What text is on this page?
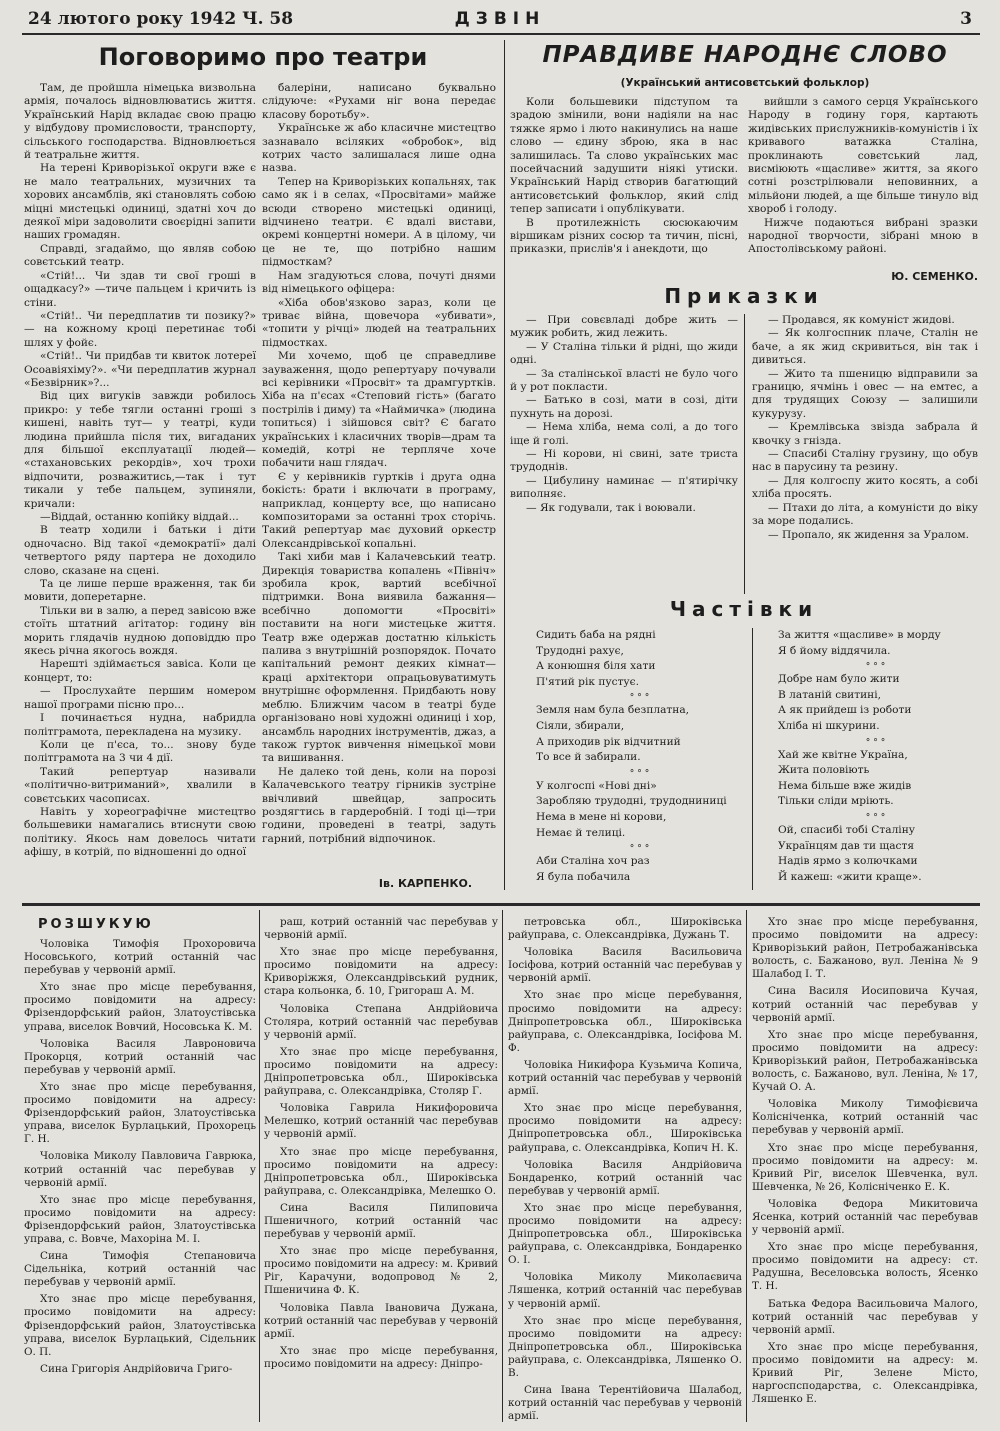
24 лютого року 1942 Ч. 58	ДЗВІН	3
Поговоримо про театри

Там, де пройшла німецька визвольна армія, почалось відновлюватись життя. Український Нарід вкладає свою працю у відбудову промисловости, транспорту, сільського господарства. Відновлюється й театральне життя.

На терені Криворізької округи вже є не мало театральних, музичних та хорових ансамблів, які становлять собою міцні мистецькі одиниці, здатні хоч до деякої міри задоволити своєрідні запити наших громадян.

Справді, згадаймо, що являв собою совєтський театр.

«Стій!... Чи здав ти свої гроші в ощадкасу?» —тиче пальцем і кричить із стіни.

«Стій!.. Чи передплатив ти позику?» — на кожному кроці перетинає тобі шлях у фойє.

«Стій!.. Чи придбав ти квиток лотереї Осоавіяхіму?». «Чи передплатив журнал «Безвірник»?...

Від цих вигуків завжди робилось прикро: у тебе тягли останні гроші з кишені, навіть тут— у театрі, куди людина прийшла після тих, вигаданих для більшої експлуатації людей— «стахановських рекордів», хоч трохи відпочити, розважитись,—так і тут тикали у тебе пальцем, зупиняли, кричали:

—Віддай, останню копійку віддай...

В театр ходили і батьки і діти одночасно. Від такої «демократії» далі четвертого ряду партера не доходило слово, сказане на сцені.

Та це лише перше враження, так би мовити, доперетарне.

Тільки ви в залю, а перед завісою вже стоїть штатний агітатор: годину він морить глядачів нудною доповіддю про якесь річна якогось вождя.

Нарешті здіймається завіса. Коли це концерт, то:

— Прослухайте першим номером нашої програми пісню про...

І починається нудна, набридла політграмота, перекладена на музику.

Коли це п'єса, то... знову буде політграмота на 3 чи 4 дії.

Такий репертуар називали «політично-витриманий», хвалили в совєтських часописах.

Навіть у хореографічне мистецтво большевики намагались втиснути свою політику. Якось нам довелось читати афішу, в котрій, по відношенні до одної

балеріни, написано буквально слідуюче: «Рухами ніг вона передає класову боротьбу».

Українське ж або класичне мистецтво зазнавало всіляких «обробок», від котрих часто залишалася лише одна назва.

Тепер на Криворізьких копальнях, так само як і в селах, «Просвітами» майже всюди створено мистецькі одиниці, відчинено театри. Є вдалі вистави, окремі концертні номери. А в цілому, чи це не те, що потрібно нашим підмосткам?

Нам згадуються слова, почуті днями від німецького офіцера:

«Хіба обов'язково зараз, коли це триває війна, щовечора «убивати», «топити у річці» людей на театральних підмостках.

Ми хочемо, щоб це справедливе зауваження, щодо репертуару почували всі керівники «Просвіт» та драмгуртків. Хіба на п'єсах «Степовий гість» (багато пострілів і диму) та «Наймичка» (людина топиться) і зійшовся світ? Є багато українських і класичних творів—драм та комедій, котрі не терпляче хоче побачити наш глядач.

Є у керівників гуртків і друга одна бокість: брати і включати в програму, наприклад, концерту все, що написано композиторами за останні трох сторічь. Такий репертуар має духовий оркестр Олександрівської копальні.

Такі хиби мав і Калачевський театр. Дирекція товариства копалень «Північ» зробила крок, вартий всебічної підтримки. Вона виявила бажання—всебічно допомогти «Просвіті» поставити на ноги мистецьке життя. Театр вже одержав достатню кількість палива з внутрішній розпорядок. Почато капітальний ремонт деяких кімнат—краці архітектори опрацьовуватимуть внутрішнє оформлення. Придбають нову меблю. Ближчим часом в театрі буде організовано нові художні одиниці і хор, ансамбль народних інструментів, джаз, а також гурток вивчення німецької мови та вишивання.

Не далеко той день, коли на порозі Калачевського театру гірників зустріне ввічливий швейцар, запросить роздягтись в гардеробній. І тоді ці—три години, проведені в театрі, задуть гарний, потрібний відпочинок.

Ів. КАРПЕНКО.
ПРАВДИВЕ НАРОДНЄ СЛОВО
(Український антисовєтський фольклор)

Коли большевики підступом та зрадою змінили, вони надіяли на нас тяжке ярмо і люто накинулись на наше слово — єдину зброю, яка в нас залишилась. Та слово українських мас посейчасний задушити ніякі утиски. Український Нарід створив багатющий антисовєтський фольклор, який слід тепер записати і опублікувати.

В протилежність сюсюкаючим віршикам різних сосюр та тичин, пісні, приказки, прислів'я і анекдоти, що

вийшли з самого серця Українського Народу в годину горя, картають жидівських прислужників-комуністів і їх кривавого ватажка Сталіна, проклинають совєтський лад, висміюють «щасливе» життя, за якого сотні розстрілювали неповинних, а мільйони людей, а ще більше тинуло від хвороб і голоду.

Нижче подаються вибрані зразки народної творчости, зібрані мною в Апостолівському районі.

Ю. СЕМЕНКО.
Приказки

— При совєвладі добре жить — мужик робить, жид лежить.

— У Сталіна тільки й рідні, що жиди одні.

— За сталінської власті не було чого й у рот покласти.

— Батько в созі, мати в созі, діти пухнуть на дорозі.

— Нема хліба, нема солі, а до того іще й голі.

— Ні корови, ні свині, зате триста трудоднів.

— Цибулину наминає — п'ятирічку виполняє.

— Як годували, так і воювали.

— Продався, як комуніст жидові.

— Як колгоспник плаче, Сталін не бачe, а як жид скривиться, він так і дивиться.

— Жито та пшеницю відправили за границю, ячмінь і овес — на емтес, а для трудящих Союзу — залишили кукурузу.

— Кремлівська звізда забрала й квочку з гнізда.

— Спасибі Сталіну грузину, що обув нас в парусину та резину.

— Для колгоспу жито косять, а собі хліба просять.

— Птахи до літа, а комуністи до віку за море подались.

— Пропало, як жидення за Уралом.

Частівки

Сидить баба на рядні

Трудодні рахує,

А конюшня біля хати

П'ятий рік пустує.

°°°

Земля нам була безплатна,

Сіяли, збирали,

А приходив рік відчитний

То все й забирали.

°°°

У колгоспі «Нові дні»

Заробляю трудодні, трудодниниці

Нема в мене ні корови,

Немає й телиці.

°°°

Аби Сталіна хоч раз

Я була побачила

За життя «щасливе» в мордy

Я б йому віддячила.

°°°

Добре нам було жити

В латаній свитині,

А як прийдеш із роботи

Хліба ні шкурини.

°°°

Хай же квітне Україна,

Жита половіють

Нема більше вже жидів

Тільки сліди мріють.

°°°

Ой, спасибі тобі Сталіну

Українцям дав ти щастя

Надів ярмо з колючками

Й кажеш: «жити краще».

РОЗШУКУЮ

Чоловіка Тимофія Прохоровича Носовського, котрий останній час перебував у червоній армії.

Хто знає про місце перебування, просимо повідомити на адресу: Фрізендорфський район, Златоустівська управа, виселок Вовчий, Носовська К. М.

Чоловіка Василя Лавроновича Прокорця, котрий останній час перебував у червоній армії.

Хто знає про місце перебування, просимо повідомити на адресу: Фрізендорфський район, Златоустівська управа, виселок Бурлацький, Прохорець Г. Н.

Чоловіка Миколу Павловича Гаврюка, котрий останній час перебував у червоній армії.

Хто знає про місце перебування, просимо повідомити на адресу: Фрізендорфський район, Златоустівська управа, с. Вовче, Махоріна М. І.

Сина Тимофія Степановича Сідельніка, котрий останній час перебував у червоній армії.

Хто знає про місце перебування, просимо повідомити на адресу: Фрізендорфський район, Златоустівська управа, виселок Бурлацький, Сідельник О. П.

Сина Григорія Андрійовича Григо-

раш, котрий останній час перебував у червоній армії.

Хто знає про місце перебування, просимо повідомити на адресу: Криворіжжя, Олександрівський рудник, стара кольонка, б. 10, Григораш А. М.

Чоловіка Степана Андрійовича Столяра, котрий останній час перебував у червоній армії.

Хто знає про місце перебування, просимо повідомити на адресу: Дніпропетровська обл., Широківська райуправа, с. Олександрівка, Столяр Г.

Чоловіка Гаврила Никифоровича Мелешко, котрий останній час перебував у червоній армії.

Хто знає про місце перебування, просимо повідомити на адресу: Дніпропетровська обл., Широківська райуправа, с. Олександрівка, Мелешко О.

Сина Василя Пилиповича Пшеничного, котрий останній час перебував у червоній армії.

Хто знає про місце перебування, просимо повідомити на адресу: м. Кривий Ріг, Карачуни, водопровод № 2, Пшеничина Ф. К.

Чоловіка Павла Івановича Дужана, котрий останній час перебував у червоній армії.

Хто знає про місце перебування, просимо повідомити на адресу: Дніпро-

петровська обл., Широківська райуправа, с. Олександрівка, Дужань Т.

Чоловіка Василя Васильовича Іосіфова, котрий останній час перебував у червоній армії.

Хто знає про місце перебування, просимо повідомити на адресу: Дніпропетровська обл., Широківська райуправа, с. Олександрівка, Іосіфова М. Ф.

Чоловіка Никифора Кузьмича Копича, котрий останній час перебував у червоній армії.

Хто знає про місце перебування, просимо повідомити на адресу: Дніпропетровська обл., Широківська райуправа, с. Олександрівка, Копич Н. К.

Чоловіка Василя Андрійовича Бондаренко, котрий останній час перебував у червоній армії.

Хто знає про місце перебування, просимо повідомити на адресу: Дніпропетровська обл., Широківська райуправа, с. Олександрівка, Бондаренко О. І.

Чоловіка Миколу Миколаєвича Ляшенка, котрий останній час перебував у червоній армії.

Хто знає про місце перебування, просимо повідомити на адресу: Дніпропетровська обл., Широківська райуправа, с. Олександрівка, Ляшенко О. В.

Сина Івана Терентійовича Шалабод, котрий останній час перебував у червоній армії.

Хто знає про місце перебування, просимо повідомити на адресу: Криворізький район, Петробажанівська волость, с. Бажаново, вул. Леніна № 9 Шалабод І. Т.

Сина Василя Иосиповича Кучая, котрий останній час перебував у червоній армії.

Хто знає про місце перебування, просимо повідомити на адресу: Криворізький район, Петробажанівська волость, с. Бажаново, вул. Леніна, № 17, Кучай О. А.

Чоловіка Миколу Тимофієвича Колісніченка, котрий останній час перебував у червоній армії.

Хто знає про місце перебування, просимо повідомити на адресу: м. Кривий Ріг, виселок Шевченка, вул. Шевченка, № 26, Колісніченко Е. К.

Чоловіка Федора Микитовича Ясенка, котрий останній час перебував у червоній армії.

Хто знає про місце перебування, просимо повідомити на адресу: ст. Радушна, Веселовська волость, Ясенко Т. Н.

Батька Федора Васильовича Малого, котрий останній час перебував у червоній армії.

Хто знає про місце перебування, просимо повідомити на адресу: м. Кривий Ріг, Зелене Місто, наргоспсподарства, с. Олександрівка, Ляшенко Е.
